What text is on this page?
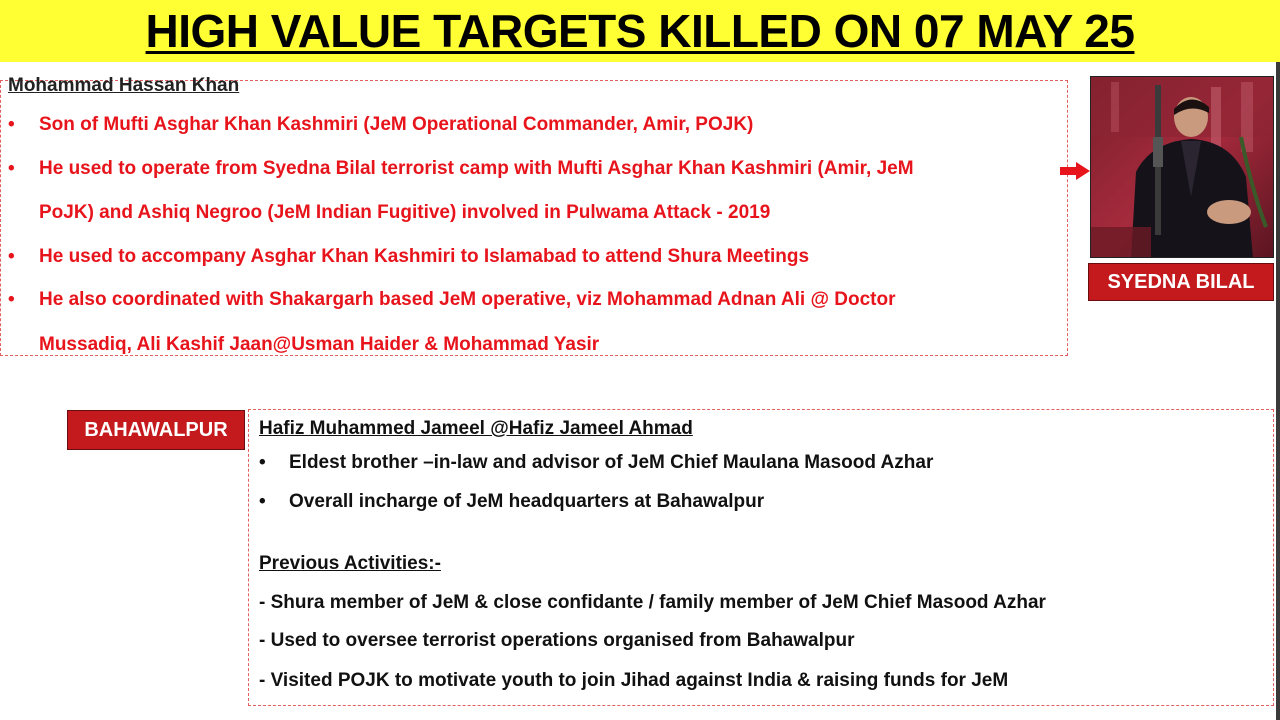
HIGH VALUE TARGETS KILLED ON 07 MAY 25
Mohammad Hassan Khan
• Son of Mufti Asghar Khan Kashmiri (JeM Operational Commander, Amir, POJK)
• He used to operate from Syedna Bilal terrorist camp with Mufti Asghar Khan Kashmiri (Amir, JeM
PoJK) and Ashiq Negroo (JeM Indian Fugitive) involved in Pulwama Attack - 2019
• He used to accompany Asghar Khan Kashmiri to Islamabad to attend Shura Meetings
• He also coordinated with Shakargarh based JeM operative, viz Mohammad Adnan Ali @ Doctor
Mussadiq, Ali Kashif Jaan@Usman Haider & Mohammad Yasir
SYEDNA BILAL
BAHAWALPUR	Hafiz Muhammed Jameel @Hafiz Jameel Ahmad
• Eldest brother –in-law and advisor of JeM Chief Maulana Masood Azhar
• Overall incharge of JeM headquarters at Bahawalpur
Previous Activities:-
- Shura member of JeM & close confidante / family member of JeM Chief Masood Azhar
- Used to oversee terrorist operations organised from Bahawalpur
- Visited POJK to motivate youth to join Jihad against India & raising funds for JeM
